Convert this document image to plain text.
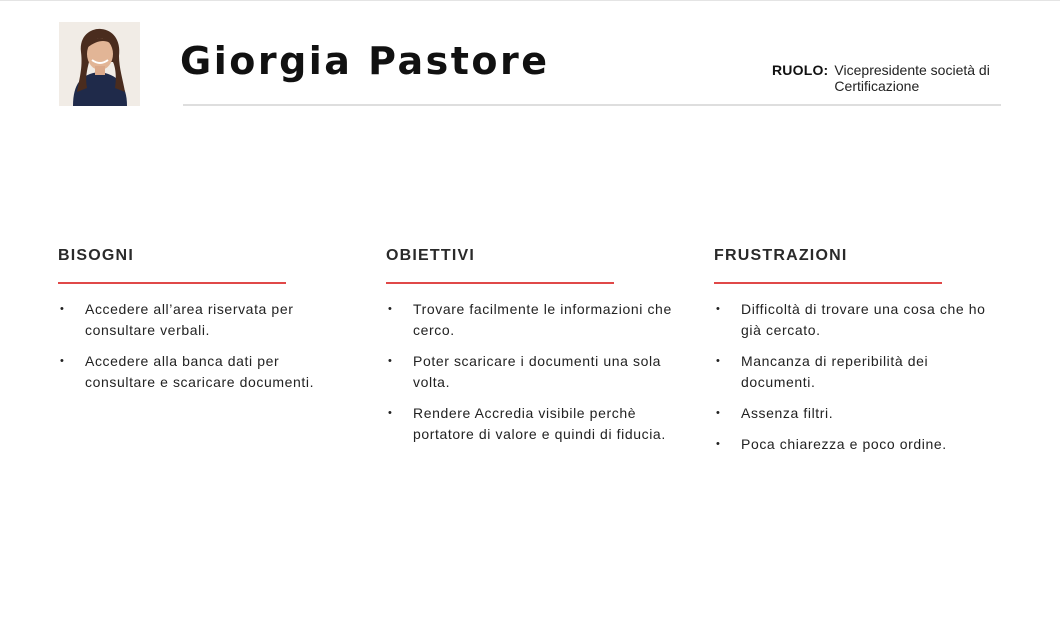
Giorgia Pastore	RUOLO: Vicepresidente società di Certificazione
BISOGNI
• Accedere all’area riservata per consultare verbali.
• Accedere alla banca dati per consultare e scaricare documenti.
OBIETTIVI
• Trovare facilmente le informazioni che cerco.
• Poter scaricare i documenti una sola volta.
• Rendere Accredia visibile perchè portatore di valore e quindi di fiducia.
FRUSTRAZIONI
• Difficoltà di trovare una cosa che ho già cercato.
• Mancanza di reperibilità dei documenti.
• Assenza filtri.
• Poca chiarezza e poco ordine.
